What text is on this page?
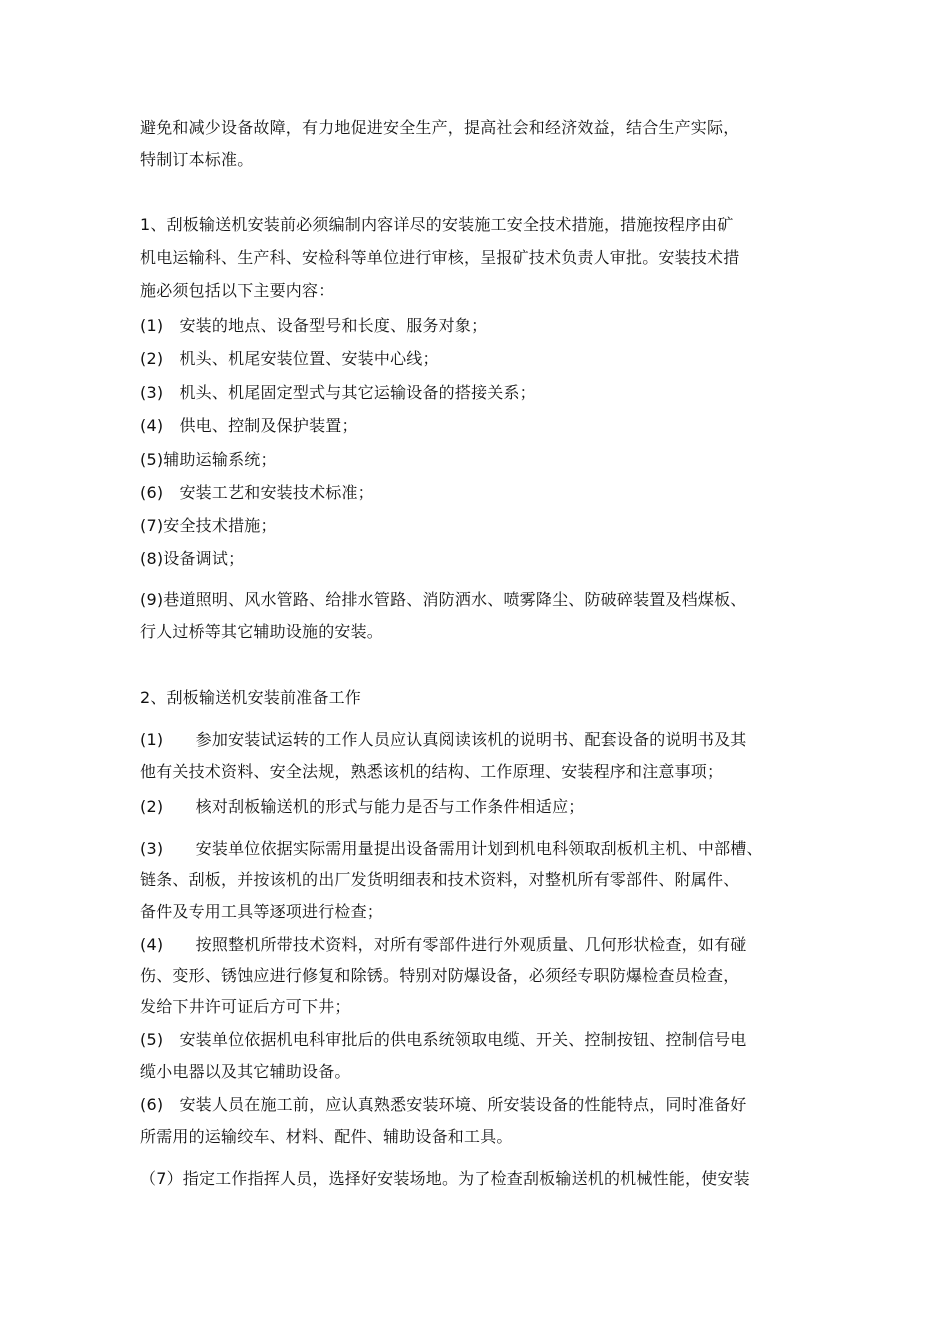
避免和减少设备故障，有力地促进安全生产，提高社会和经济效益，结合生产实际，
特制订本标准。
1、刮板输送机安装前必须编制内容详尽的安装施工安全技术措施，措施按程序由矿
机电运输科、生产科、安检科等单位进行审核，呈报矿技术负责人审批。安装技术措
施必须包括以下主要内容：
(1)　安装的地点、设备型号和长度、服务对象；
(2)　机头、机尾安装位置、安装中心线；
(3)　机头、机尾固定型式与其它运输设备的搭接关系；
(4)　供电、控制及保护装置；
(5)辅助运输系统；
(6)　安装工艺和安装技术标准；
(7)安全技术措施；
(8)设备调试；
(9)巷道照明、风水管路、给排水管路、消防洒水、喷雾降尘、防破碎装置及档煤板、
行人过桥等其它辅助设施的安装。
2、刮板输送机安装前准备工作
(1)　　参加安装试运转的工作人员应认真阅读该机的说明书、配套设备的说明书及其
他有关技术资料、安全法规，熟悉该机的结构、工作原理、安装程序和注意事项；
(2)　　核对刮板输送机的形式与能力是否与工作条件相适应；
(3)　　安装单位依据实际需用量提出设备需用计划到机电科领取刮板机主机、中部槽、
链条、刮板，并按该机的出厂发货明细表和技术资料，对整机所有零部件、附属件、
备件及专用工具等逐项进行检查；
(4)　　按照整机所带技术资料，对所有零部件进行外观质量、几何形状检查，如有碰
伤、变形、锈蚀应进行修复和除锈。特别对防爆设备，必须经专职防爆检查员检查，
发给下井许可证后方可下井；
(5)　安装单位依据机电科审批后的供电系统领取电缆、开关、控制按钮、控制信号电
缆小电器以及其它辅助设备。
(6)　安装人员在施工前，应认真熟悉安装环境、所安装设备的性能特点，同时准备好
所需用的运输绞车、材料、配件、辅助设备和工具。
（7）指定工作指挥人员，选择好安装场地。为了检查刮板输送机的机械性能，使安装
